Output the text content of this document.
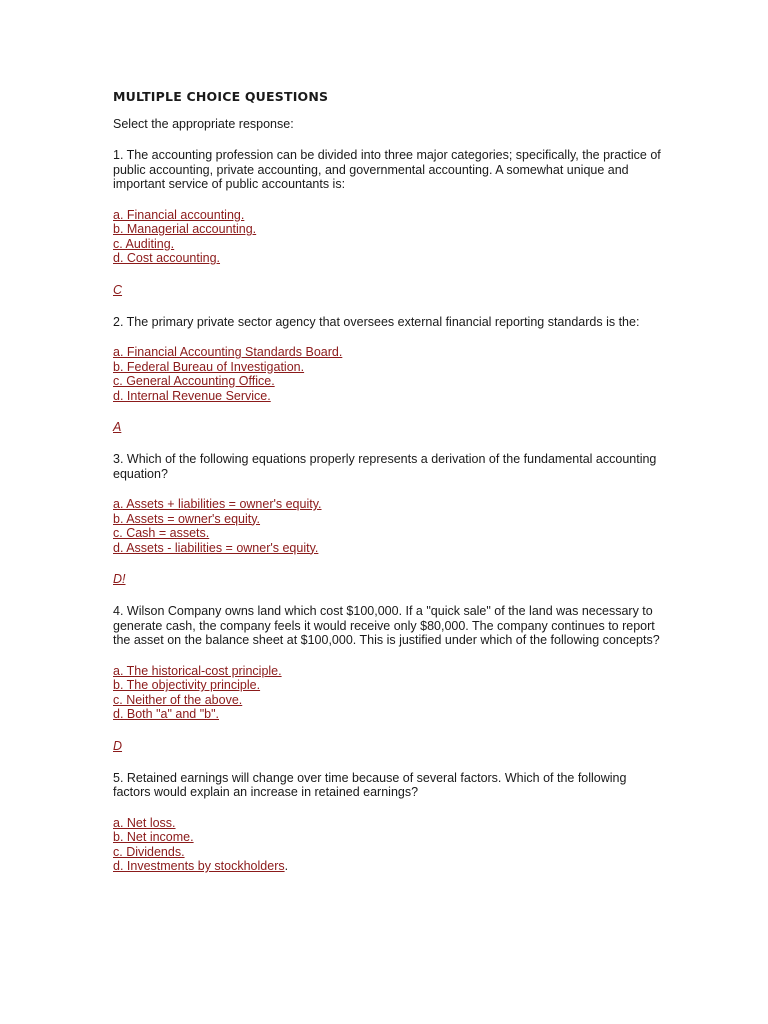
MULTIPLE CHOICE QUESTIONS
Select the appropriate response:
1. The accounting profession can be divided into three major categories; specifically, the practice of public accounting, private accounting, and governmental accounting. A somewhat unique and important service of public accountants is:
a. Financial accounting.
b. Managerial accounting.
c. Auditing.
d. Cost accounting.
C
2. The primary private sector agency that oversees external financial reporting standards is the:
a. Financial Accounting Standards Board.
b. Federal Bureau of Investigation.
c. General Accounting Office.
d. Internal Revenue Service.
A
3. Which of the following equations properly represents a derivation of the fundamental accounting equation?
a. Assets + liabilities = owner's equity.
b. Assets = owner's equity.
c. Cash = assets.
d. Assets - liabilities = owner's equity.
D!
4. Wilson Company owns land which cost $100,000. If a "quick sale" of the land was necessary to generate cash, the company feels it would receive only $80,000. The company continues to report the asset on the balance sheet at $100,000. This is justified under which of the following concepts?
a. The historical-cost principle.
b. The objectivity principle.
c. Neither of the above.
d. Both "a" and "b".
D
5. Retained earnings will change over time because of several factors. Which of the following factors would explain an increase in retained earnings?
a. Net loss.
b. Net income.
c. Dividends.
d. Investments by stockholders.
